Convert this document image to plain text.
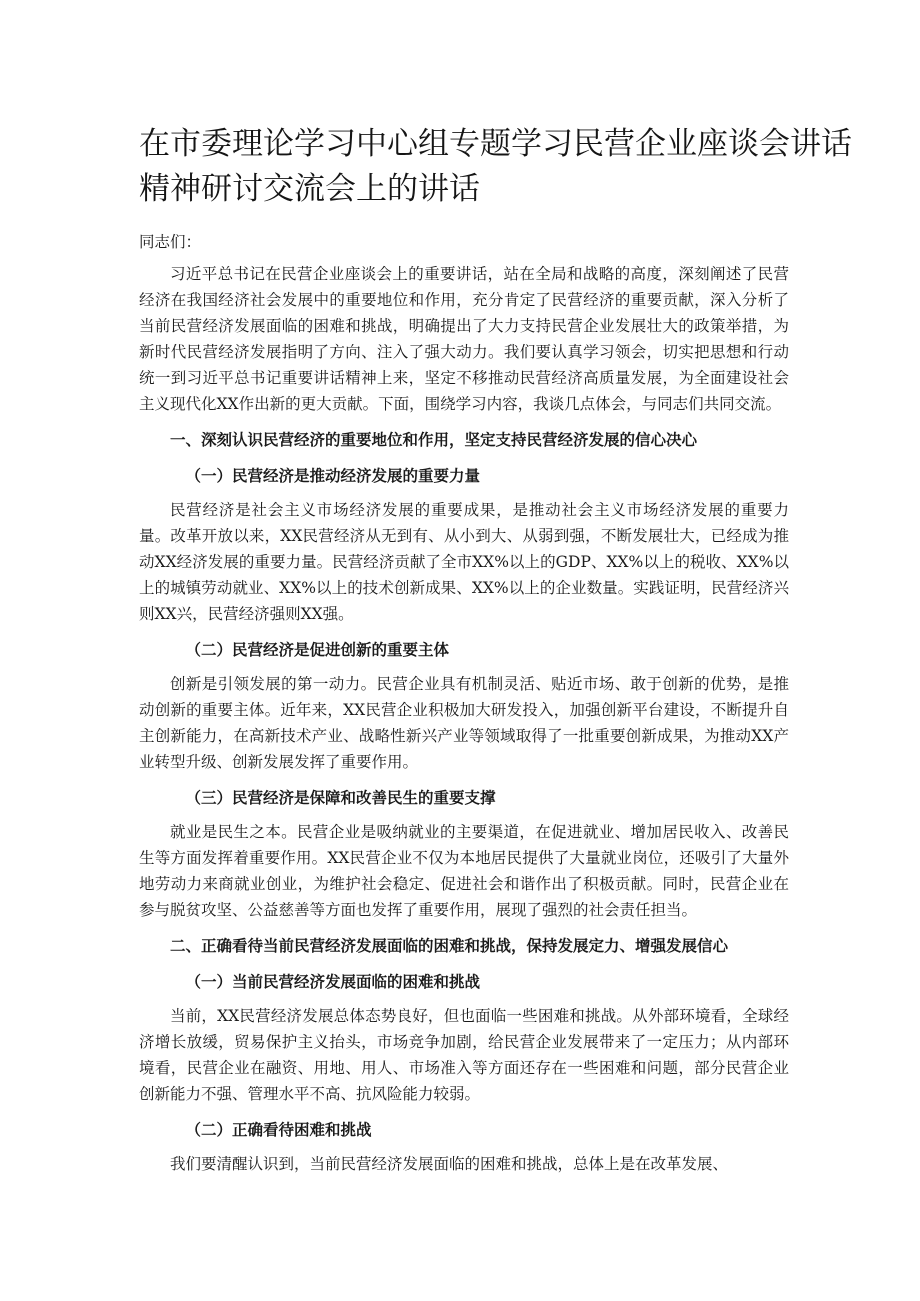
在市委理论学习中心组专题学习民营企业座谈会讲话
精神研讨交流会上的讲话

同志们：

习近平总书记在民营企业座谈会上的重要讲话，站在全局和战略的高度，深刻阐述了民营经济在我国经济社会发展中的重要地位和作用，充分肯定了民营经济的重要贡献，深入分析了当前民营经济发展面临的困难和挑战，明确提出了大力支持民营企业发展壮大的政策举措，为新时代民营经济发展指明了方向、注入了强大动力。我们要认真学习领会，切实把思想和行动统一到习近平总书记重要讲话精神上来，坚定不移推动民营经济高质量发展，为全面建设社会主义现代化XX作出新的更大贡献。下面，围绕学习内容，我谈几点体会，与同志们共同交流。

一、深刻认识民营经济的重要地位和作用，坚定支持民营经济发展的信心决心

（一）民营经济是推动经济发展的重要力量

民营经济是社会主义市场经济发展的重要成果，是推动社会主义市场经济发展的重要力量。改革开放以来，XX民营经济从无到有、从小到大、从弱到强，不断发展壮大，已经成为推动XX经济发展的重要力量。民营经济贡献了全市XX%以上的GDP、XX%以上的税收、XX%以上的城镇劳动就业、XX%以上的技术创新成果、XX%以上的企业数量。实践证明，民营经济兴则XX兴，民营经济强则XX强。

（二）民营经济是促进创新的重要主体

创新是引领发展的第一动力。民营企业具有机制灵活、贴近市场、敢于创新的优势，是推动创新的重要主体。近年来，XX民营企业积极加大研发投入，加强创新平台建设，不断提升自主创新能力，在高新技术产业、战略性新兴产业等领域取得了一批重要创新成果，为推动XX产业转型升级、创新发展发挥了重要作用。

（三）民营经济是保障和改善民生的重要支撑

就业是民生之本。民营企业是吸纳就业的主要渠道，在促进就业、增加居民收入、改善民生等方面发挥着重要作用。XX民营企业不仅为本地居民提供了大量就业岗位，还吸引了大量外地劳动力来商就业创业，为维护社会稳定、促进社会和谐作出了积极贡献。同时，民营企业在参与脱贫攻坚、公益慈善等方面也发挥了重要作用，展现了强烈的社会责任担当。

二、正确看待当前民营经济发展面临的困难和挑战，保持发展定力、增强发展信心

（一）当前民营经济发展面临的困难和挑战

当前，XX民营经济发展总体态势良好，但也面临一些困难和挑战。从外部环境看，全球经济增长放缓，贸易保护主义抬头，市场竞争加剧，给民营企业发展带来了一定压力；从内部环境看，民营企业在融资、用地、用人、市场准入等方面还存在一些困难和问题，部分民营企业创新能力不强、管理水平不高、抗风险能力较弱。

（二）正确看待困难和挑战

我们要清醒认识到，当前民营经济发展面临的困难和挑战，总体上是在改革发展、
